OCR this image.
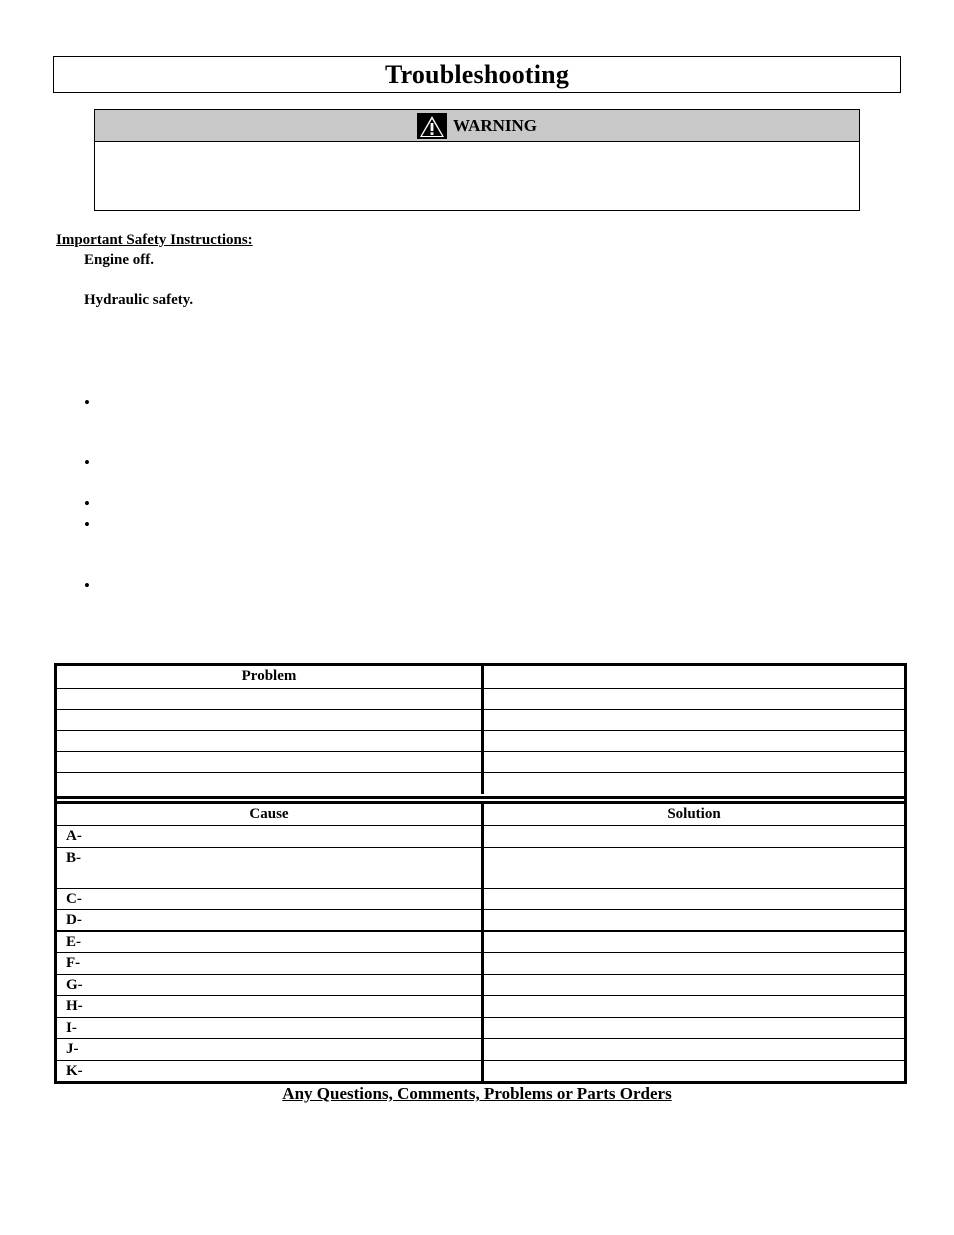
Troubleshooting
WARNING
Important Safety Instructions:
Engine off.
Hydraulic safety.
•
•
•
•
•
Problem
Cause	Solution
A-
B-
C-
D-
E-
F-
G-
H-
I-
J-
K-
Any Questions, Comments, Problems or Parts Orders
